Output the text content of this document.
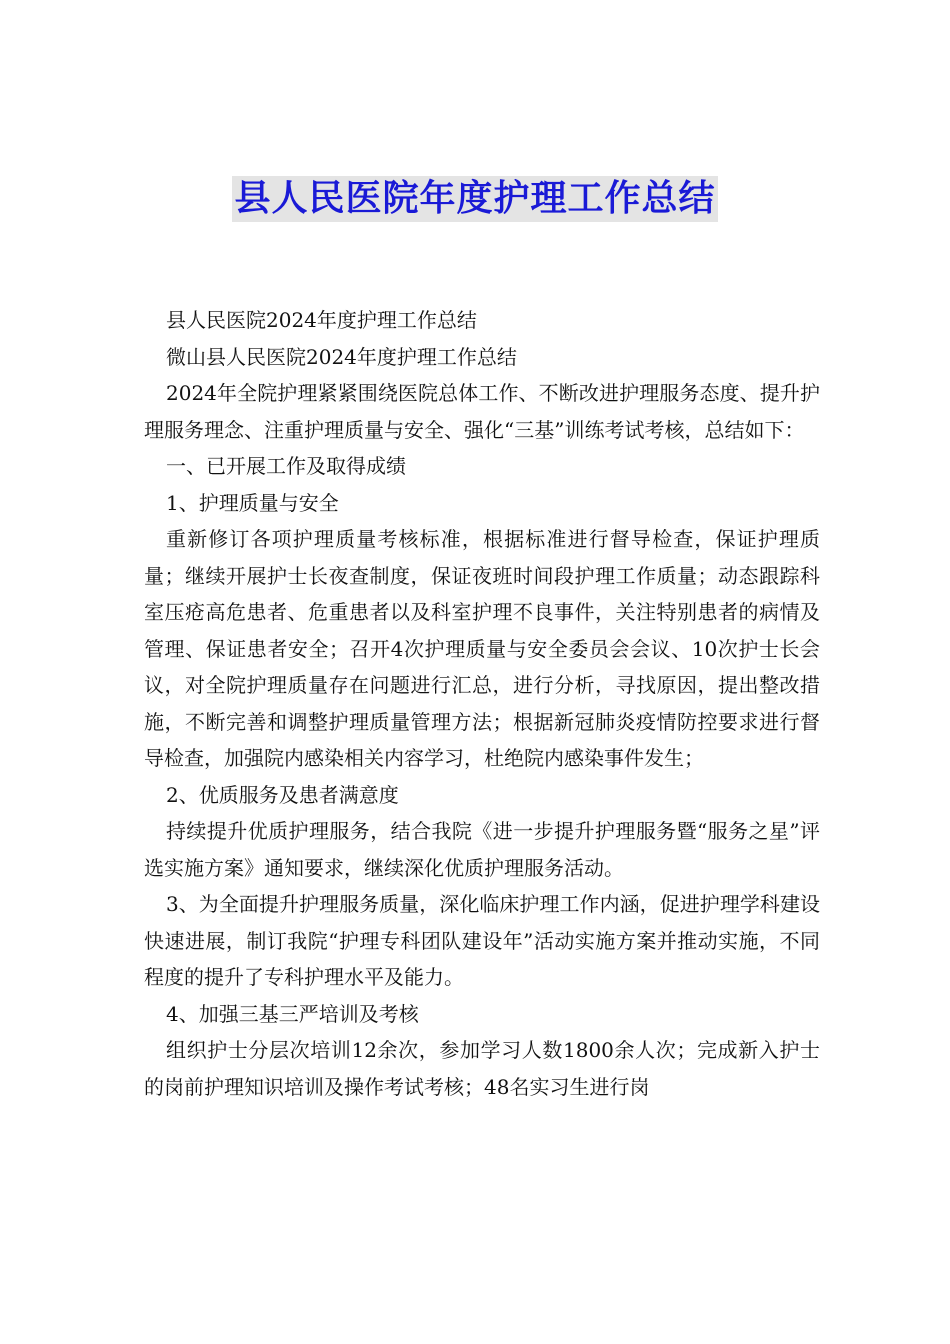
县人民医院年度护理工作总结

县人民医院2024年度护理工作总结

微山县人民医院2024年度护理工作总结

2024年全院护理紧紧围绕医院总体工作、不断改进护理服务态度、提升护理服务理念、注重护理质量与安全、强化“三基”训练考试考核，总结如下：

一、已开展工作及取得成绩

1、护理质量与安全

重新修订各项护理质量考核标准，根据标准进行督导检查，保证护理质量；继续开展护士长夜查制度，保证夜班时间段护理工作质量；动态跟踪科室压疮高危患者、危重患者以及科室护理不良事件，关注特别患者的病情及管理、保证患者安全；召开4次护理质量与安全委员会会议、10次护士长会议，对全院护理质量存在问题进行汇总，进行分析，寻找原因，提出整改措施，不断完善和调整护理质量管理方法；根据新冠肺炎疫情防控要求进行督导检查，加强院内感染相关内容学习，杜绝院内感染事件发生；

2、优质服务及患者满意度

持续提升优质护理服务，结合我院《进一步提升护理服务暨“服务之星”评选实施方案》通知要求，继续深化优质护理服务活动。

3、为全面提升护理服务质量，深化临床护理工作内涵，促进护理学科建设快速进展，制订我院“护理专科团队建设年”活动实施方案并推动实施，不同程度的提升了专科护理水平及能力。

4、加强三基三严培训及考核

组织护士分层次培训12余次，参加学习人数1800余人次；完成新入护士的岗前护理知识培训及操作考试考核；48名实习生进行岗
